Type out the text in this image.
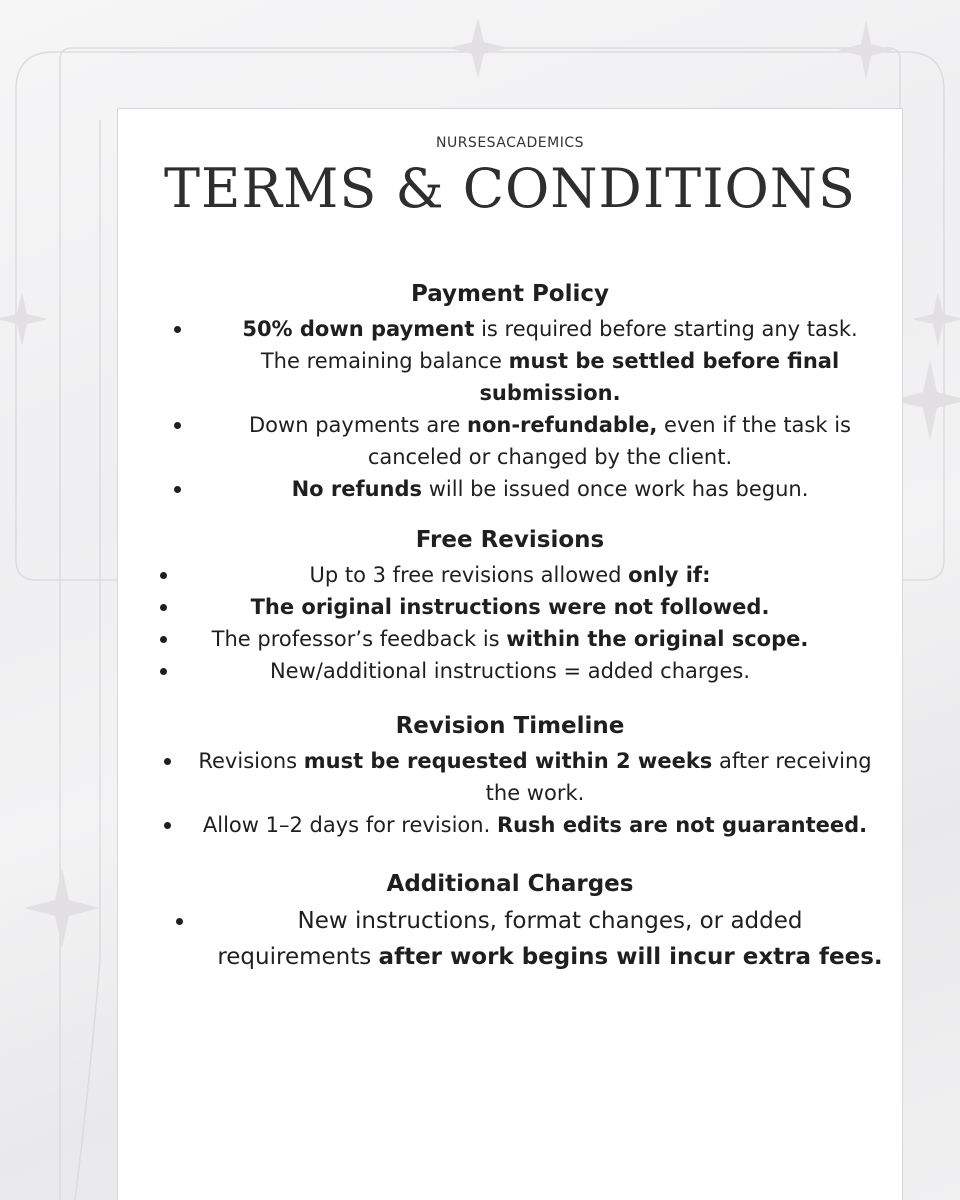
NURSESACADEMICS
TERMS & CONDITIONS
Payment Policy
50% down payment is required before starting any task.
The remaining balance must be settled before final
submission.
Down payments are non-refundable, even if the task is
canceled or changed by the client.
No refunds will be issued once work has begun.
Free Revisions
Up to 3 free revisions allowed only if:
The original instructions were not followed.
The professor’s feedback is within the original scope.
New/additional instructions = added charges.
Revision Timeline
Revisions must be requested within 2 weeks after receiving
the work.
Allow 1–2 days for revision. Rush edits are not guaranteed.
Additional Charges
New instructions, format changes, or added
requirements after work begins will incur extra fees.
